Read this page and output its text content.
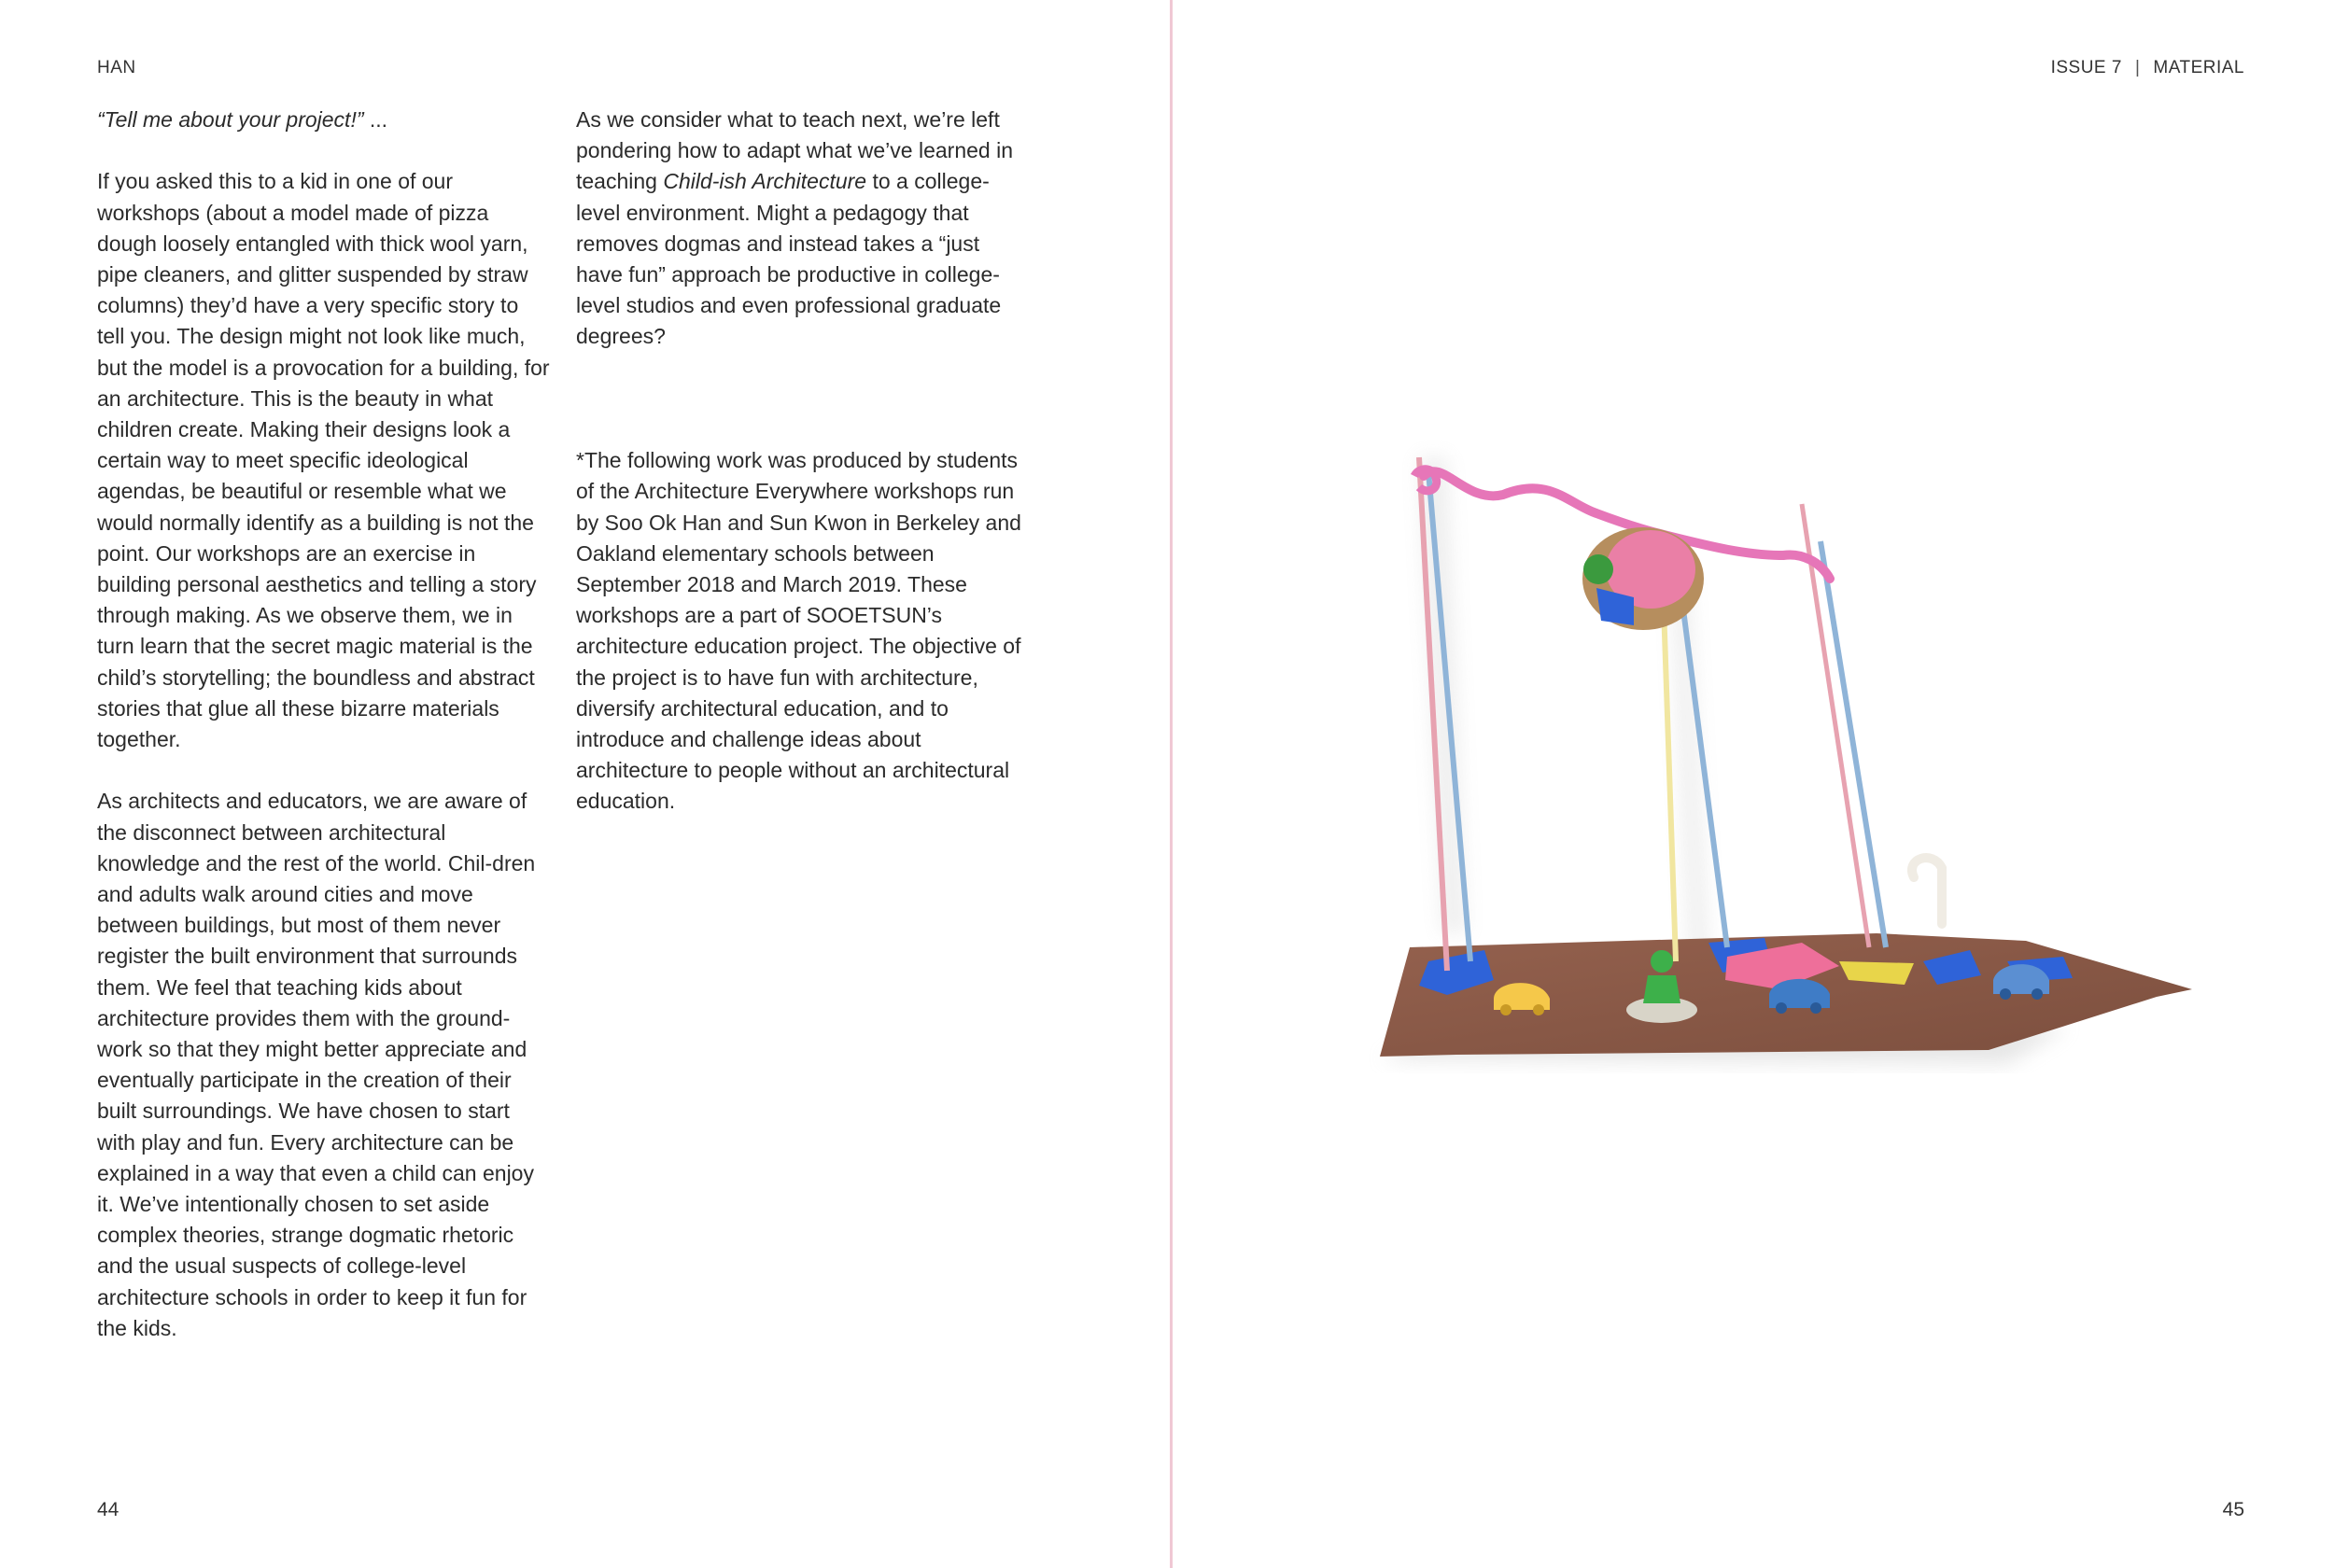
HAN

“Tell me about your project!” ...

If you asked this to a kid in one of our workshops (about a model made of pizza dough loosely entangled with thick wool yarn, pipe cleaners, and glitter suspended by straw columns) they’d have a very specific story to tell you. The design might not look like much, but the model is a provocation for a building, for an architecture. This is the beauty in what children create. Making their designs look a certain way to meet specific ideological agendas, be beautiful or resemble what we would normally identify as a building is not the point. Our workshops are an exercise in building personal aesthetics and telling a story through making. As we observe them, we in turn learn that the secret magic material is the child’s storytelling; the boundless and abstract stories that glue all these bizarre materials together.

As architects and educators, we are aware of the disconnect between architectural knowledge and the rest of the world. Chil-dren and adults walk around cities and move between buildings, but most of them never register the built environment that surrounds them. We feel that teaching kids about architecture provides them with the ground-work so that they might better appreciate and eventually participate in the creation of their built surroundings. We have chosen to start with play and fun. Every architecture can be explained in a way that even a child can enjoy it. We’ve intentionally chosen to set aside complex theories, strange dogmatic rhetoric and the usual suspects of college-level architecture schools in order to keep it fun for the kids.

As we consider what to teach next, we’re left pondering how to adapt what we’ve learned in teaching Child-ish Architecture to a college-level environment. Might a pedagogy that removes dogmas and instead takes a “just have fun” approach be productive in college-level studios and even professional graduate degrees?

*The following work was produced by students of the Architecture Everywhere workshops run by Soo Ok Han and Sun Kwon in Berkeley and Oakland elementary schools between September 2018 and March 2019. These workshops are a part of SOOETSUN’s architecture education project. The objective of the project is to have fun with architecture, diversify architectural education, and to introduce and challenge ideas about architecture to people without an architectural education.

44
ISSUE 7 | MATERIAL
45
